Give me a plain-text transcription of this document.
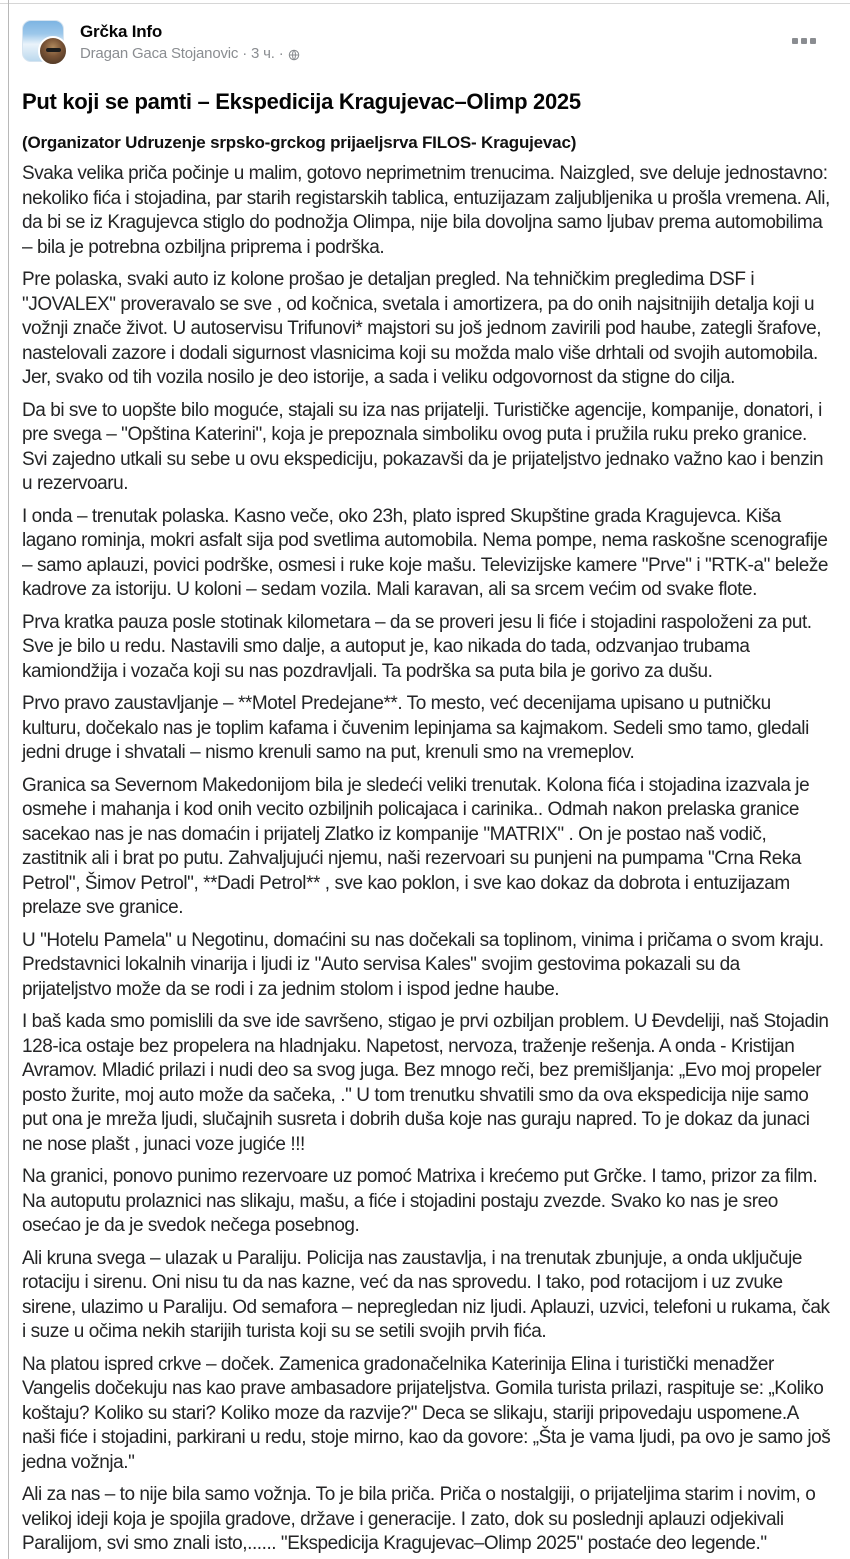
Grčka Info
Dragan Gaca Stojanovic · 3 ч. ·
Put koji se pamti – Ekspedicija Kragujevac–Olimp 2025
(Organizator Udruzenje srpsko-grckog prijaeljsrva FILOS- Kragujevac)

Svaka velika priča počinje u malim, gotovo neprimetnim trenucima. Naizgled, sve deluje jednostavno: nekoliko fića i stojadina, par starih registarskih tablica, entuzijazam zaljubljenika u prošla vremena. Ali, da bi se iz Kragujevca stiglo do podnožja Olimpa, nije bila dovoljna samo ljubav prema automobilima – bila je potrebna ozbiljna priprema i podrška.

Pre polaska, svaki auto iz kolone prošao je detaljan pregled. Na tehničkim pregledima DSF i "JOVALEX" proveravalo se sve , od kočnica, svetala i amortizera, pa do onih najsitnijih detalja koji u vožnji znače život. U autoservisu Trifunovi* majstori su još jednom zavirili pod haube, zategli šrafove, nastelovali zazore i dodali sigurnost vlasnicima koji su možda malo više drhtali od svojih automobila. Jer, svako od tih vozila nosilo je deo istorije, a sada i veliku odgovornost da stigne do cilja.

Da bi sve to uopšte bilo moguće, stajali su iza nas prijatelji. Turističke agencije, kompanije, donatori, i pre svega – "Opština Katerini", koja je prepoznala simboliku ovog puta i pružila ruku preko granice. Svi zajedno utkali su sebe u ovu ekspediciju, pokazavši da je prijateljstvo jednako važno kao i benzin u rezervoaru.

I onda – trenutak polaska. Kasno veče, oko 23h, plato ispred Skupštine grada Kragujevca. Kiša lagano rominja, mokri asfalt sija pod svetlima automobila. Nema pompe, nema raskošne scenografije – samo aplauzi, povici podrške, osmesi i ruke koje mašu. Televizijske kamere "Prve" i "RTK-a" beleže kadrove za istoriju. U koloni – sedam vozila. Mali karavan, ali sa srcem većim od svake flote.

Prva kratka pauza posle stotinak kilometara – da se proveri jesu li fiće i stojadini raspoloženi za put. Sve je bilo u redu. Nastavili smo dalje, a autoput je, kao nikada do tada, odzvanjao trubama kamiondžija i vozača koji su nas pozdravljali. Ta podrška sa puta bila je gorivo za dušu.

Prvo pravo zaustavljanje – **Motel Predejane**. To mesto, već decenijama upisano u putničku kulturu, dočekalo nas je toplim kafama i čuvenim lepinjama sa kajmakom. Sedeli smo tamo, gledali jedni druge i shvatali – nismo krenuli samo na put, krenuli smo na vremeplov.

Granica sa Severnom Makedonijom bila je sledeći veliki trenutak. Kolona fića i stojadina izazvala je osmehe i mahanja i kod onih vecito ozbiljnih policajaca i carinika.. Odmah nakon prelaska granice sacekao nas je nas domaćin i prijatelj Zlatko iz kompanije "MATRIX" . On je postao naš vodič, zastitnik ali i brat po putu. Zahvaljujući njemu, naši rezervoari su punjeni na pumpama "Crna Reka Petrol", Šimov Petrol", **Dadi Petrol** , sve kao poklon, i sve kao dokaz da dobrota i entuzijazam prelaze sve granice.

U "Hotelu Pamela" u Negotinu, domaćini su nas dočekali sa toplinom, vinima i pričama o svom kraju. Predstavnici lokalnih vinarija i ljudi iz "Auto servisa Kales" svojim gestovima pokazali su da prijateljstvo može da se rodi i za jednim stolom i ispod jedne haube.

I baš kada smo pomislili da sve ide savršeno, stigao je prvi ozbiljan problem. U Đevdeliji, naš Stojadin 128-ica ostaje bez propelera na hladnjaku. Napetost, nervoza, traženje rešenja. A onda - Kristijan Avramov. Mladić prilazi i nudi deo sa svog juga. Bez mnogo reči, bez premišljanja: „Evo moj propeler posto žurite, moj auto može da sačeka, ." U tom trenutku shvatili smo da ova ekspedicija nije samo put ona je mreža ljudi, slučajnih susreta i dobrih duša koje nas guraju napred. To je dokaz da junaci ne nose plašt , junaci voze jugiće !!!

Na granici, ponovo punimo rezervoare uz pomoć Matrixa i krećemo put Grčke. I tamo, prizor za film. Na autoputu prolaznici nas slikaju, mašu, a fiće i stojadini postaju zvezde. Svako ko nas je sreo osećao je da je svedok nečega posebnog.

Ali kruna svega – ulazak u Paraliju. Policija nas zaustavlja, i na trenutak zbunjuje, a onda uključuje rotaciju i sirenu. Oni nisu tu da nas kazne, već da nas sprovedu. I tako, pod rotacijom i uz zvuke sirene, ulazimo u Paraliju. Od semafora – nepregledan niz ljudi. Aplauzi, uzvici, telefoni u rukama, čak i suze u očima nekih starijih turista koji su se setili svojih prvih fića.

Na platou ispred crkve – doček. Zamenica gradonačelnika Katerinija Elina i turistički menadžer Vangelis dočekuju nas kao prave ambasadore prijateljstva. Gomila turista prilazi, raspituje se: „Koliko koštaju? Koliko su stari? Koliko moze da razvije?" Deca se slikaju, stariji pripovedaju uspomene.A naši fiće i stojadini, parkirani u redu, stoje mirno, kao da govore: „Šta je vama ljudi, pa ovo je samo još jedna vožnja."

Ali za nas – to nije bila samo vožnja. To je bila priča. Priča o nostalgiji, o prijateljima starim i novim, o velikoj ideji koja je spojila gradove, države i generacije. I zato, dok su poslednji aplauzi odjekivali Paralijom, svi smo znali isto,...... "Ekspedicija Kragujevac–Olimp 2025" postaće deo legende."
